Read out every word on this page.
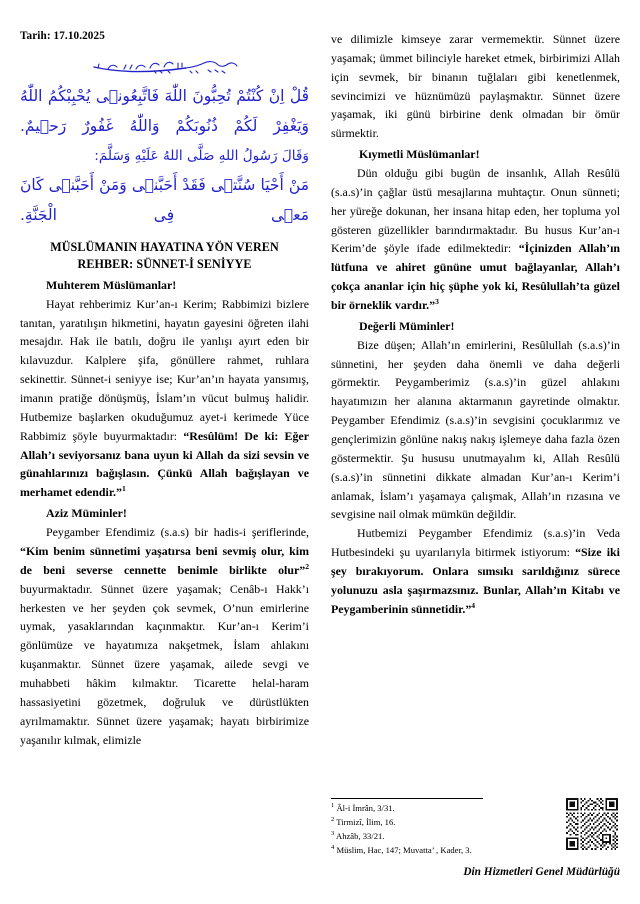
Tarih: 17.10.2025
قُلْ اِنْ كُنْتُمْ تُحِبُّونَ اللّٰهَ فَاتَّبِعُونٖى يُحْبِبْكُمُ اللّٰهُ وَيَغْفِرْ لَكُمْ ذُنُوبَكُمْ وَاللّٰهُ غَفُورٌ رَحٖيمٌ.
وَقَالَ رَسُولُ اللهِ صَلَّى اللهُ عَلَيْهِ وَسَلَّمَ:
مَنْ أَحْيَا سُنَّتٖى فَقَدْ أَحَبَّنٖى وَمَنْ أَحَبَّنٖى كَانَ مَعٖى فِى الْجَنَّةِ.
MÜSLÜMANIN HAYATINA YÖN VEREN
REHBER: SÜNNET-İ SENİYYE
Muhterem Müslümanlar!

Hayat rehberimiz Kur’an-ı Kerim; Rabbimizi bizlere tanıtan, yaratılışın hikmetini, hayatın gayesini öğreten ilahi mesajdır. Hak ile batılı, doğru ile yanlışı ayırt eden bir kılavuzdur. Kalplere şifa, gönüllere rahmet, ruhlara sekinettir. Sünnet-i seniyye ise; Kur’an’ın hayata yansımış, imanın pratiğe dönüşmüş, İslam’ın vücut bulmuş halidir. Hutbemize başlarken okuduğumuz ayet-i kerimede Yüce Rabbimiz şöyle buyurmaktadır: “Resûlüm! De ki: Eğer Allah’ı seviyorsanız bana uyun ki Allah da sizi sevsin ve günahlarınızı bağışlasın. Çünkü Allah bağışlayan ve merhamet edendir.”$^1$

Aziz Müminler!

Peygamber Efendimiz (s.a.s) bir hadis-i şeriflerinde, “Kim benim sünnetimi yaşatırsa beni sevmiş olur, kim de beni severse cennette benimle birlikte olur”$^2$ buyurmaktadır. Sünnet üzere yaşamak; Cenâb-ı Hakk’ı herkesten ve her şeyden çok sevmek, O’nun emirlerine uymak, yasaklarından kaçınmaktır. Kur’an-ı Kerim’i gönlümüze ve hayatımıza nakşetmek, İslam ahlakını kuşanmaktır. Sünnet üzere yaşamak, ailede sevgi ve muhabbeti hâkim kılmaktır. Ticarette helal-haram hassasiyetini gözetmek, doğruluk ve dürüstlükten ayrılmamaktır. Sünnet üzere yaşamak; hayatı birbirimize yaşanılır kılmak, elimizle

ve dilimizle kimseye zarar vermemektir. Sünnet üzere yaşamak; ümmet bilinciyle hareket etmek, birbirimizi Allah için sevmek, bir binanın tuğlaları gibi kenetlenmek, sevincimizi ve hüznümüzü paylaşmaktır. Sünnet üzere yaşamak, iki günü birbirine denk olmadan bir ömür sürmektir.

Kıymetli Müslümanlar!

Dün olduğu gibi bugün de insanlık, Allah Resûlü (s.a.s)’in çağlar üstü mesajlarına muhtaçtır. Onun sünneti; her yüreğe dokunan, her insana hitap eden, her topluma yol gösteren güzellikler barındırmaktadır. Bu husus Kur’an-ı Kerim’de şöyle ifade edilmektedir: “İçinizden Allah’ın lütfuna ve ahiret gününe umut bağlayanlar, Allah’ı çokça ananlar için hiç şüphe yok ki, Resûlullah’ta güzel bir örneklik vardır.”$^3$

Değerli Müminler!

Bize düşen; Allah’ın emirlerini, Resûlullah (s.a.s)’in sünnetini, her şeyden daha önemli ve daha değerli görmektir. Peygamberimiz (s.a.s)’in güzel ahlakını hayatımızın her alanına aktarmanın gayretinde olmaktır. Peygamber Efendimiz (s.a.s)’in sevgisini çocuklarımız ve gençlerimizin gönlüne nakış nakış işlemeye daha fazla özen göstermektir. Şu hususu unutmayalım ki, Allah Resûlü (s.a.s)’in sünnetini dikkate almadan Kur’an-ı Kerim’i anlamak, İslam’ı yaşamaya çalışmak, Allah’ın rızasına ve sevgisine nail olmak mümkün değildir.

Hutbemizi Peygamber Efendimiz (s.a.s)’in Veda Hutbesindeki şu uyarılarıyla bitirmek istiyorum: “Size iki şey bırakıyorum. Onlara sımsıkı sarıldığınız sürece yolunuzu asla şaşırmazsınız. Bunlar, Allah’ın Kitabı ve Peygamberinin sünnetidir.”$^4$

$^1$ Âl-i İmrân, 3/31.
$^2$ Tirmizî, İlim, 16.
$^3$ Ahzâb, 33/21.
$^4$ Müslim, Hac, 147; Muvatta’ , Kader, 3.
Din Hizmetleri Genel Müdürlüğü
